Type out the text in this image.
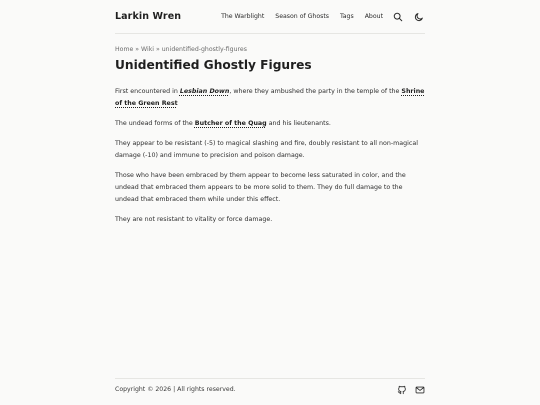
Larkin Wren	The Warblight Season of Ghosts Tags About
Home » Wiki » unidentified-ghostly-figures
Unidentified Ghostly Figures

First encountered in Lesbian Down, where they ambushed the party in the temple of the Shrine of the Green Rest

The undead forms of the Butcher of the Quag and his lieutenants.

They appear to be resistant (-5) to magical slashing and fire, doubly resistant to all non-magical damage (-10) and immune to precision and poison damage.

Those who have been embraced by them appear to become less saturated in color, and the undead that embraced them appears to be more solid to them. They do full damage to the undead that embraced them while under this effect.

They are not resistant to vitality or force damage.

Copyright © 2026 | All rights reserved.
